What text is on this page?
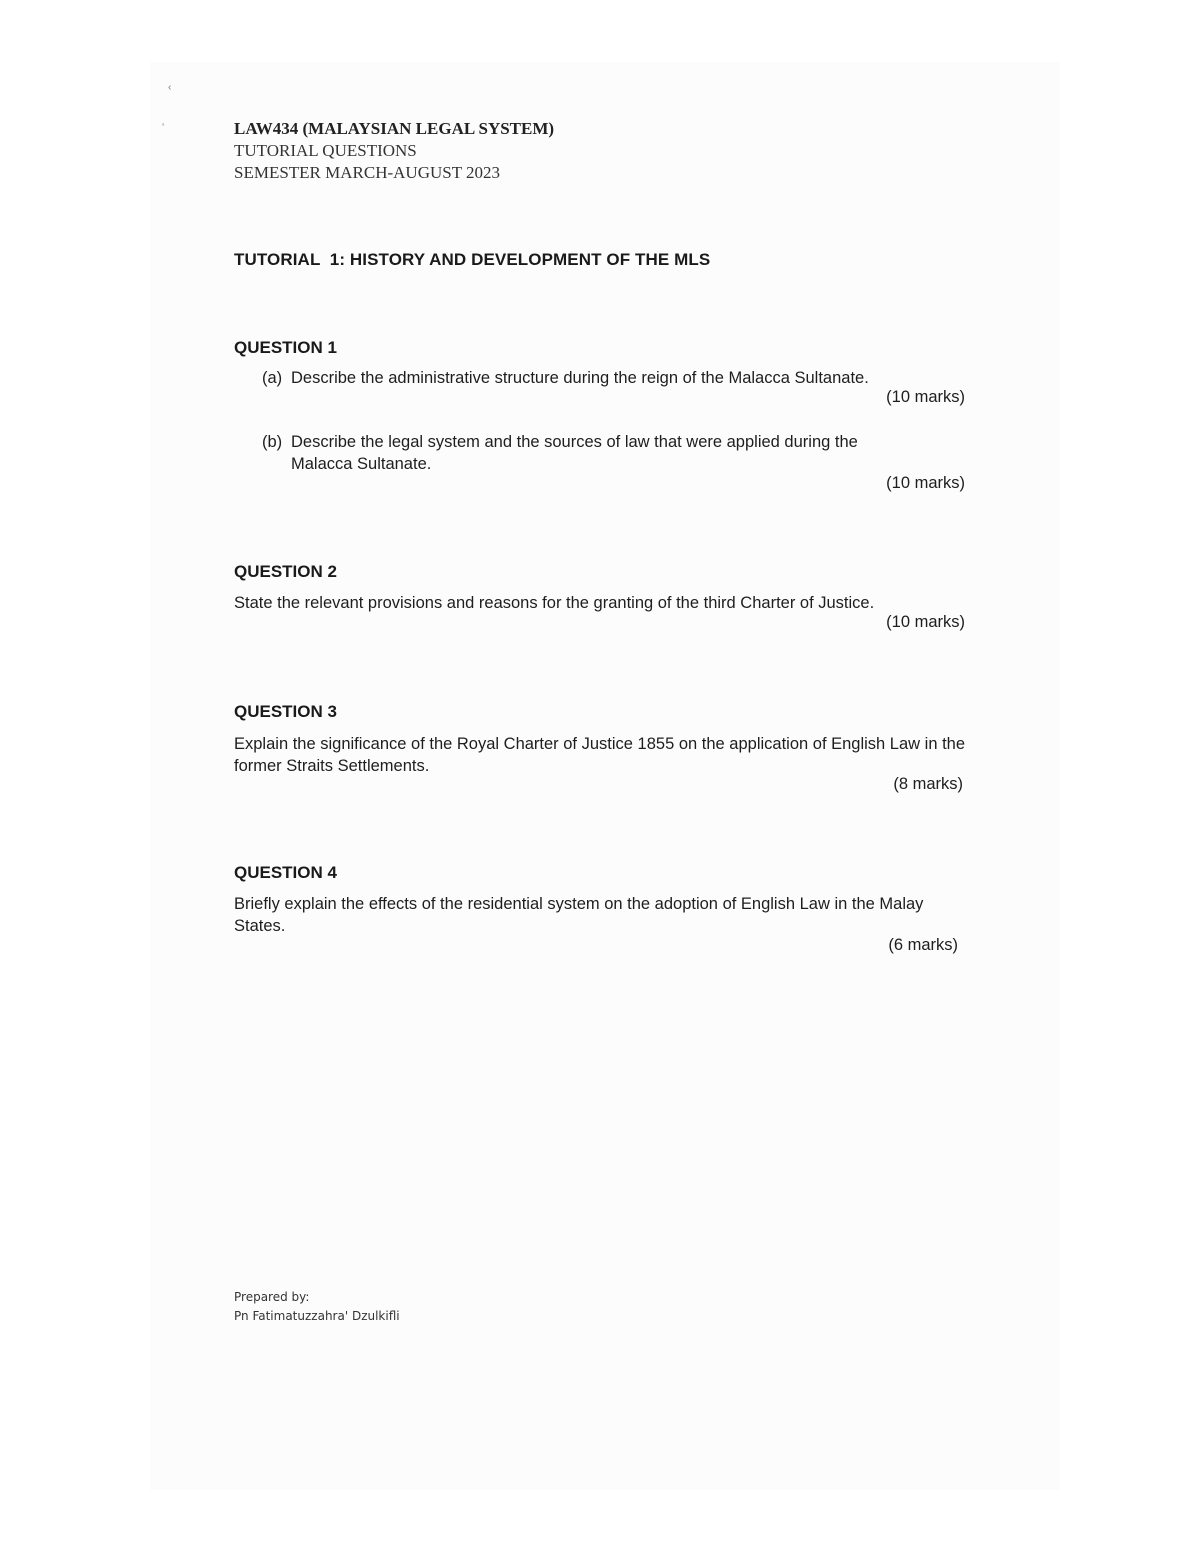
‹
‘	LAW434 (MALAYSIAN LEGAL SYSTEM)
TUTORIAL QUESTIONS
SEMESTER MARCH-AUGUST 2023
TUTORIAL  1: HISTORY AND DEVELOPMENT OF THE MLS
QUESTION 1
(a) Describe the administrative structure during the reign of the Malacca Sultanate.
(10 marks)
(b) Describe the legal system and the sources of law that were applied during the Malacca Sultanate.
(10 marks)
QUESTION 2
State the relevant provisions and reasons for the granting of the third Charter of Justice.
(10 marks)
QUESTION 3
Explain the significance of the Royal Charter of Justice 1855 on the application of English Law in the former Straits Settlements.
(8 marks)
QUESTION 4
Briefly explain the effects of the residential system on the adoption of English Law in the Malay States.
(6 marks)
Prepared by:
Pn Fatimatuzzahra' Dzulkifli
